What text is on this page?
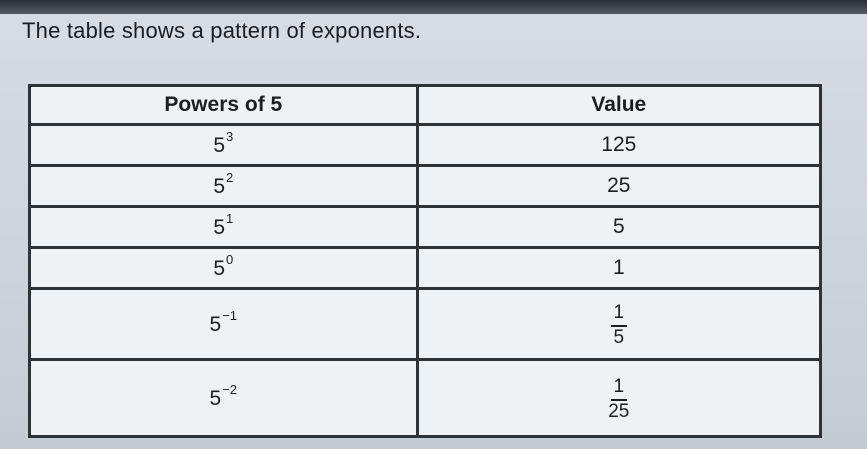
The table shows a pattern of exponents.
Powers of 5	Value
$5^3$	125
$5^2$	25
$5^1$	5
$5^0$	1
$5^{-1}$	$\frac{1}{5}$

$5^{-2}$	$\frac{1}{25}$
